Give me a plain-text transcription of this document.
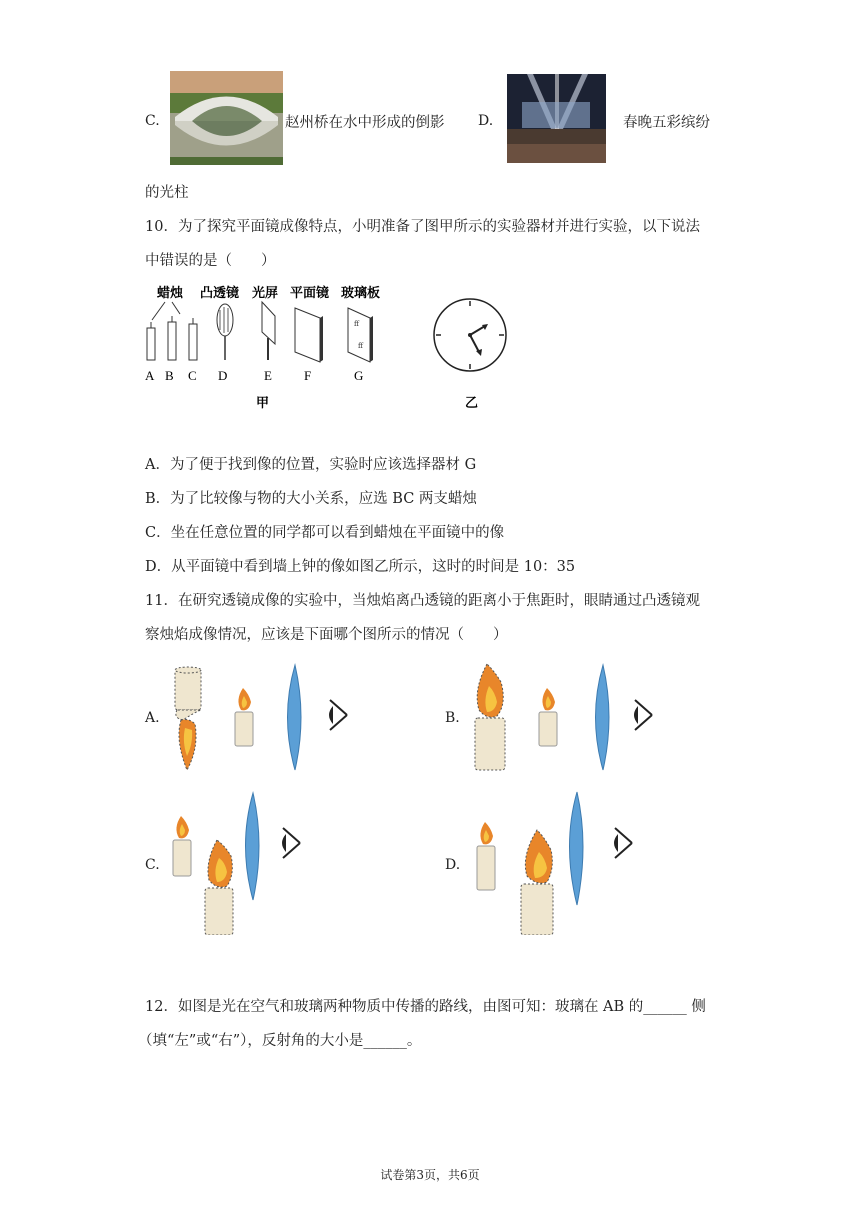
C.	赵州桥在水中形成的倒影 D.	春晚五彩缤纷
的光柱
10．为了探究平面镜成像特点，小明准备了图甲所示的实验器材并进行实验，以下说法
中错误的是（　　）
蜡烛 凸透镜 光屏 平面镜 玻璃板
ff
ff
A B C D	E F	G
甲	乙
A．为了便于找到像的位置，实验时应该选择器材 G
B．为了比较像与物的大小关系，应选 BC 两支蜡烛
C．坐在任意位置的同学都可以看到蜡烛在平面镜中的像
D．从平面镜中看到墙上钟的像如图乙所示，这时的时间是 10：35
11．在研究透镜成像的实验中，当烛焰离凸透镜的距离小于焦距时，眼睛通过凸透镜观
察烛焰成像情况，应该是下面哪个图所示的情况（　　）
A.	B.
C.	D.
12．如图是光在空气和玻璃两种物质中传播的路线，由图可知：玻璃在 AB 的______ 侧
（填“左”或“右”），反射角的大小是______。
试卷第3页，共6页
